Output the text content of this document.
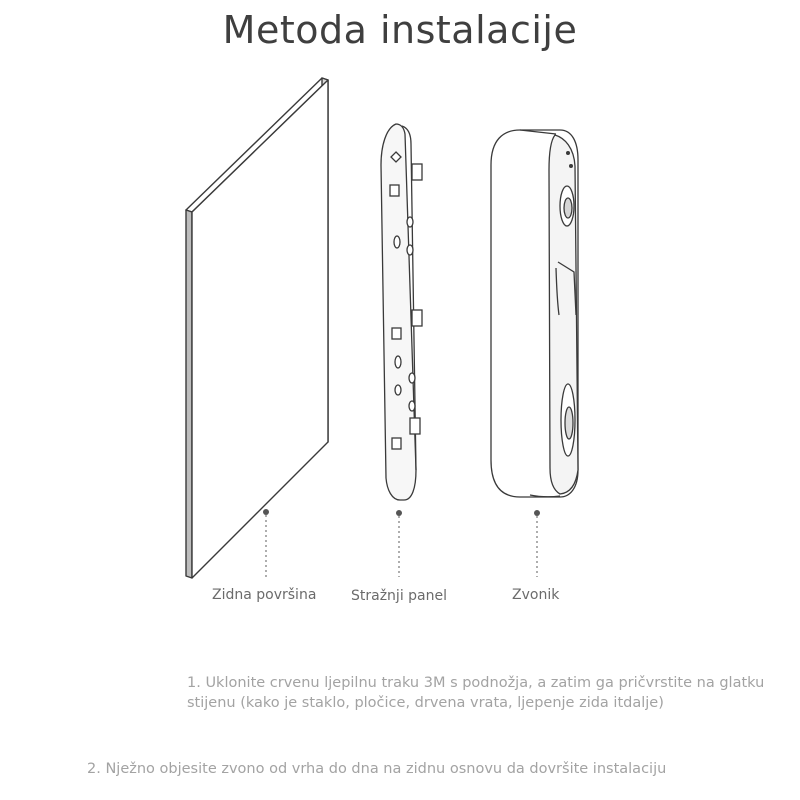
Metoda instalacije
Zidna površina Stražnji panel	Zvonik
1. Uklonite crvenu ljepilnu traku 3M s podnožja, a zatim ga pričvrstite na glatku stijenu (kako je staklo, pločice, drvena vrata, ljepenje zida itdalje)
2. Nježno objesite zvono od vrha do dna na zidnu osnovu da dovršite instalaciju
